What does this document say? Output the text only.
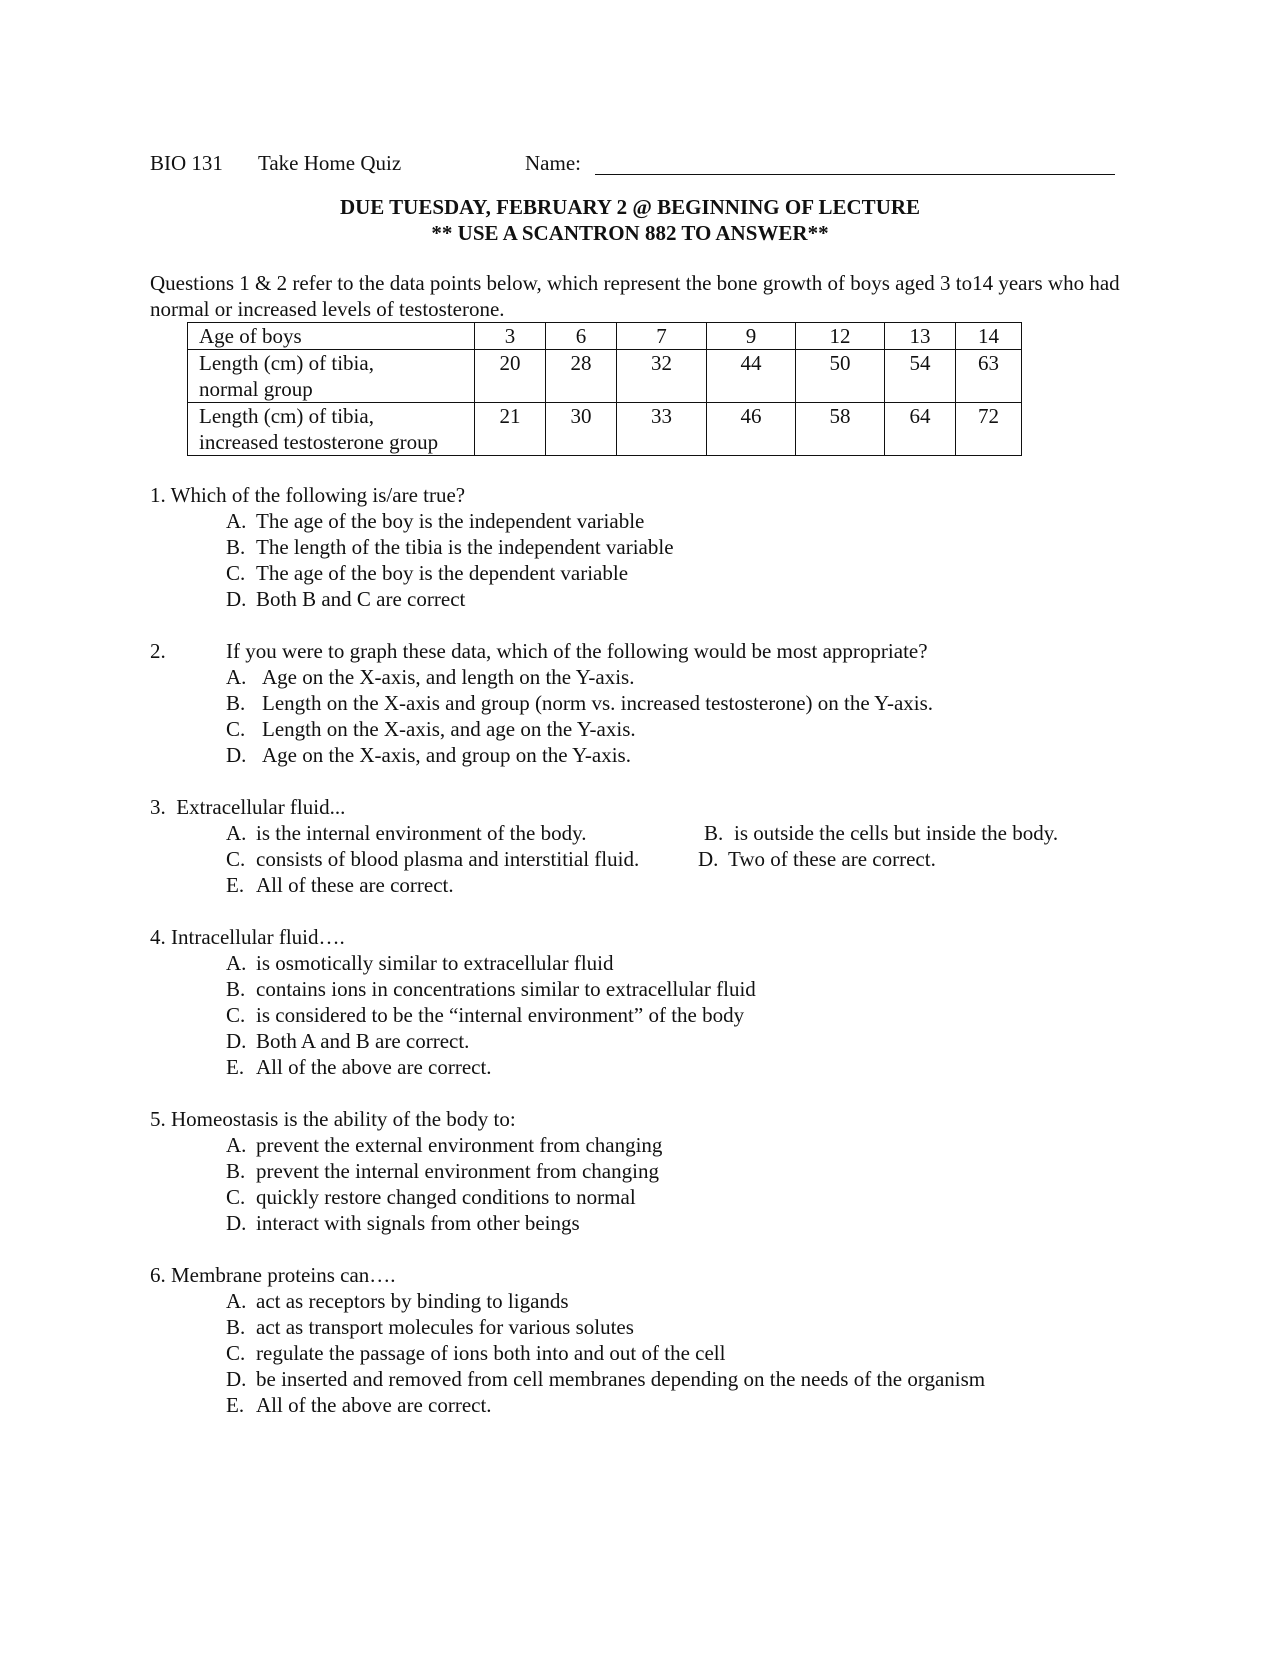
BIO 131 Take Home Quiz	Name:
DUE TUESDAY, FEBRUARY 2 @ BEGINNING OF LECTURE
** USE A SCANTRON 882 TO ANSWER**
Questions 1 & 2 refer to the data points below, which represent the bone growth of boys aged 3 to14 years who had normal or increased levels of testosterone.
Age of boys	3	6	7	9	12	13	14

Length (cm) of tibia,
normal group	20	28	32	44	50	54	63

Length (cm) of tibia,
increased testosterone group	21	30	33	46	58	64	72
1. Which of the following is/are true?
A. The age of the boy is the independent variable
B. The length of the tibia is the independent variable
C. The age of the boy is the dependent variable
D. Both B and C are correct
2.	If you were to graph these data, which of the following would be most appropriate?
A. Age on the X-axis, and length on the Y-axis.
B. Length on the X-axis and group (norm vs. increased testosterone) on the Y-axis.
C. Length on the X-axis, and age on the Y-axis.
D. Age on the X-axis, and group on the Y-axis.
3. Extracellular fluid...
A. is the internal environment of the body.	B. is outside the cells but inside the body.
C. consists of blood plasma and interstitial fluid.	D. Two of these are correct.
E. All of these are correct.
4. Intracellular fluid….
A. is osmotically similar to extracellular fluid
B. contains ions in concentrations similar to extracellular fluid
C. is considered to be the “internal environment” of the body
D. Both A and B are correct.
E. All of the above are correct.
5. Homeostasis is the ability of the body to:
A. prevent the external environment from changing
B. prevent the internal environment from changing
C. quickly restore changed conditions to normal
D. interact with signals from other beings
6. Membrane proteins can….
A. act as receptors by binding to ligands
B. act as transport molecules for various solutes
C. regulate the passage of ions both into and out of the cell
D. be inserted and removed from cell membranes depending on the needs of the organism
E. All of the above are correct.
